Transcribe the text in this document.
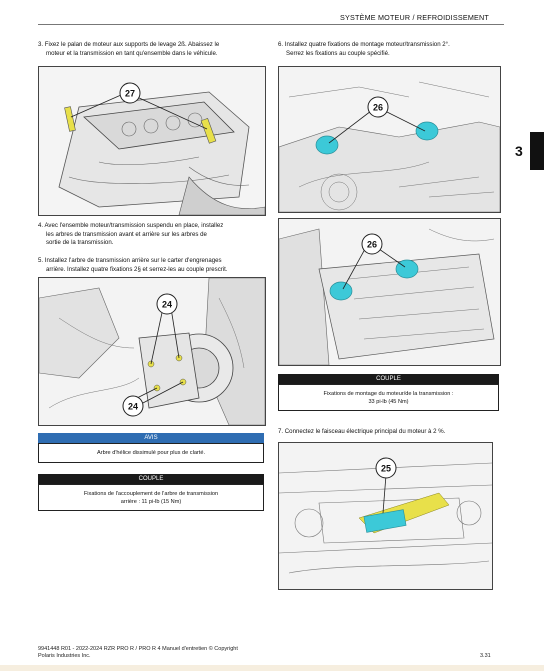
SYSTÈME MOTEUR / REFROIDISSEMENT
3
3. Fixez le palan de moteur aux supports de levage 2ß. Abaissez le
moteur et la transmission en tant qu'ensemble dans le véhicule.
27
4. Avec l'ensemble moteur/transmission suspendu en place, installez
les arbres de transmission avant et arrière sur les arbres de
sortie de la transmission.
5. Installez l'arbre de transmission arrière sur le carter d'engrenages
arrière. Installez quatre fixations 2§ et serrez-les au couple prescrit.
24
24
AVIS
Arbre d'hélice dissimulé pour plus de clarté.
COUPLE
Fixations de l'accouplement de l'arbre de transmission
arrière : 11 pi-lb (15 Nm)
6. Installez quatre fixations de montage moteur/transmission 2°.
Serrez les fixations au couple spécifié.
26
26
COUPLE
Fixations de montage du moteur/de la transmission :
33 pi-lb (45 Nm)
7. Connectez le faisceau électrique principal du moteur à 2 %.
25
9941448 R01 - 2022-2024 RZR PRO R / PRO R 4 Manuel d'entretien © Copyright
Polaris Industries Inc.	3.31
